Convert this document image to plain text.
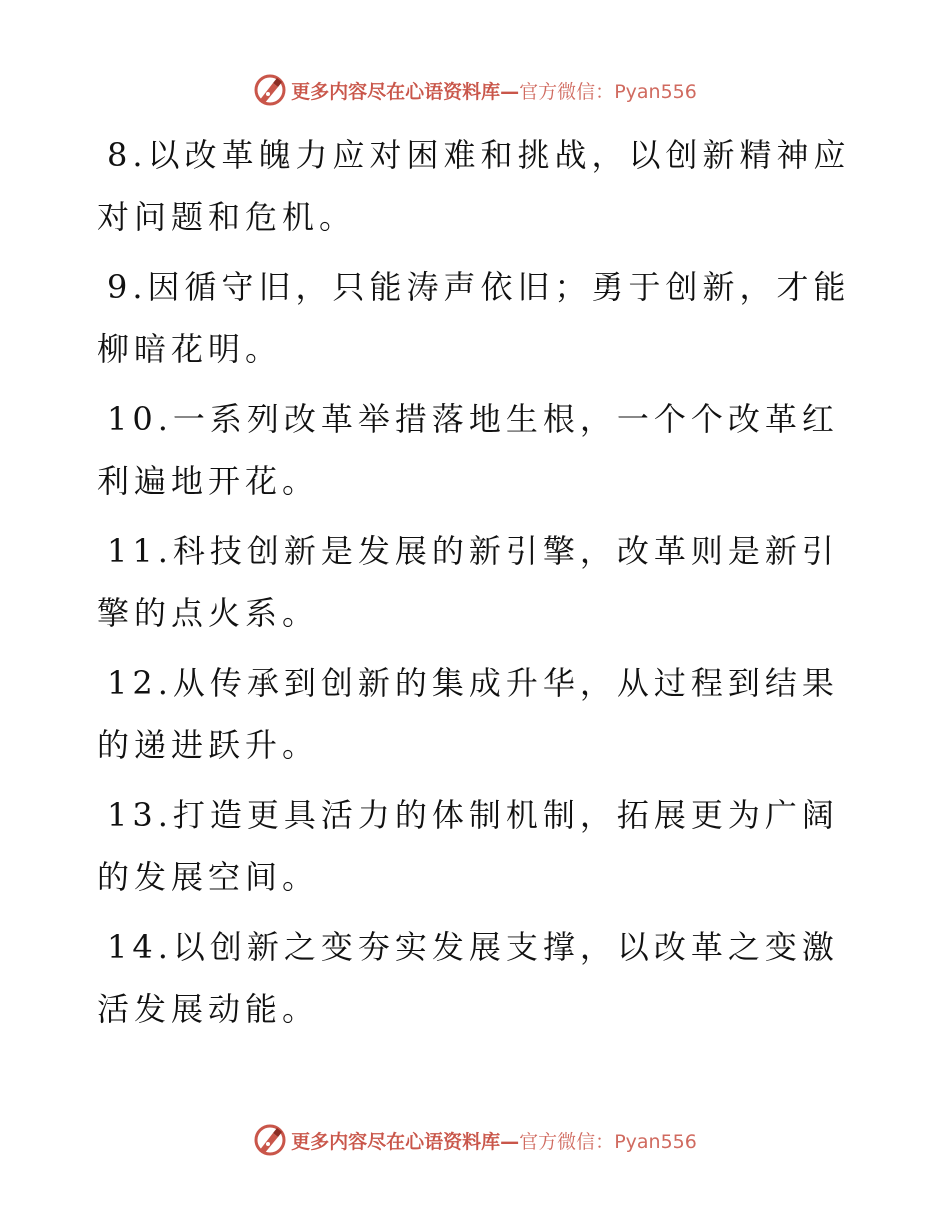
更多内容尽在心语资料库—官方微信：Pyan556

8.以改革魄力应对困难和挑战，以创新精神应对问题和危机。

9.因循守旧，只能涛声依旧；勇于创新，才能柳暗花明。

10.一系列改革举措落地生根，一个个改革红利遍地开花。

11.科技创新是发展的新引擎，改革则是新引擎的点火系。

12.从传承到创新的集成升华，从过程到结果的递进跃升。

13.打造更具活力的体制机制，拓展更为广阔的发展空间。

14.以创新之变夯实发展支撑，以改革之变激活发展动能。

更多内容尽在心语资料库—官方微信：Pyan556
